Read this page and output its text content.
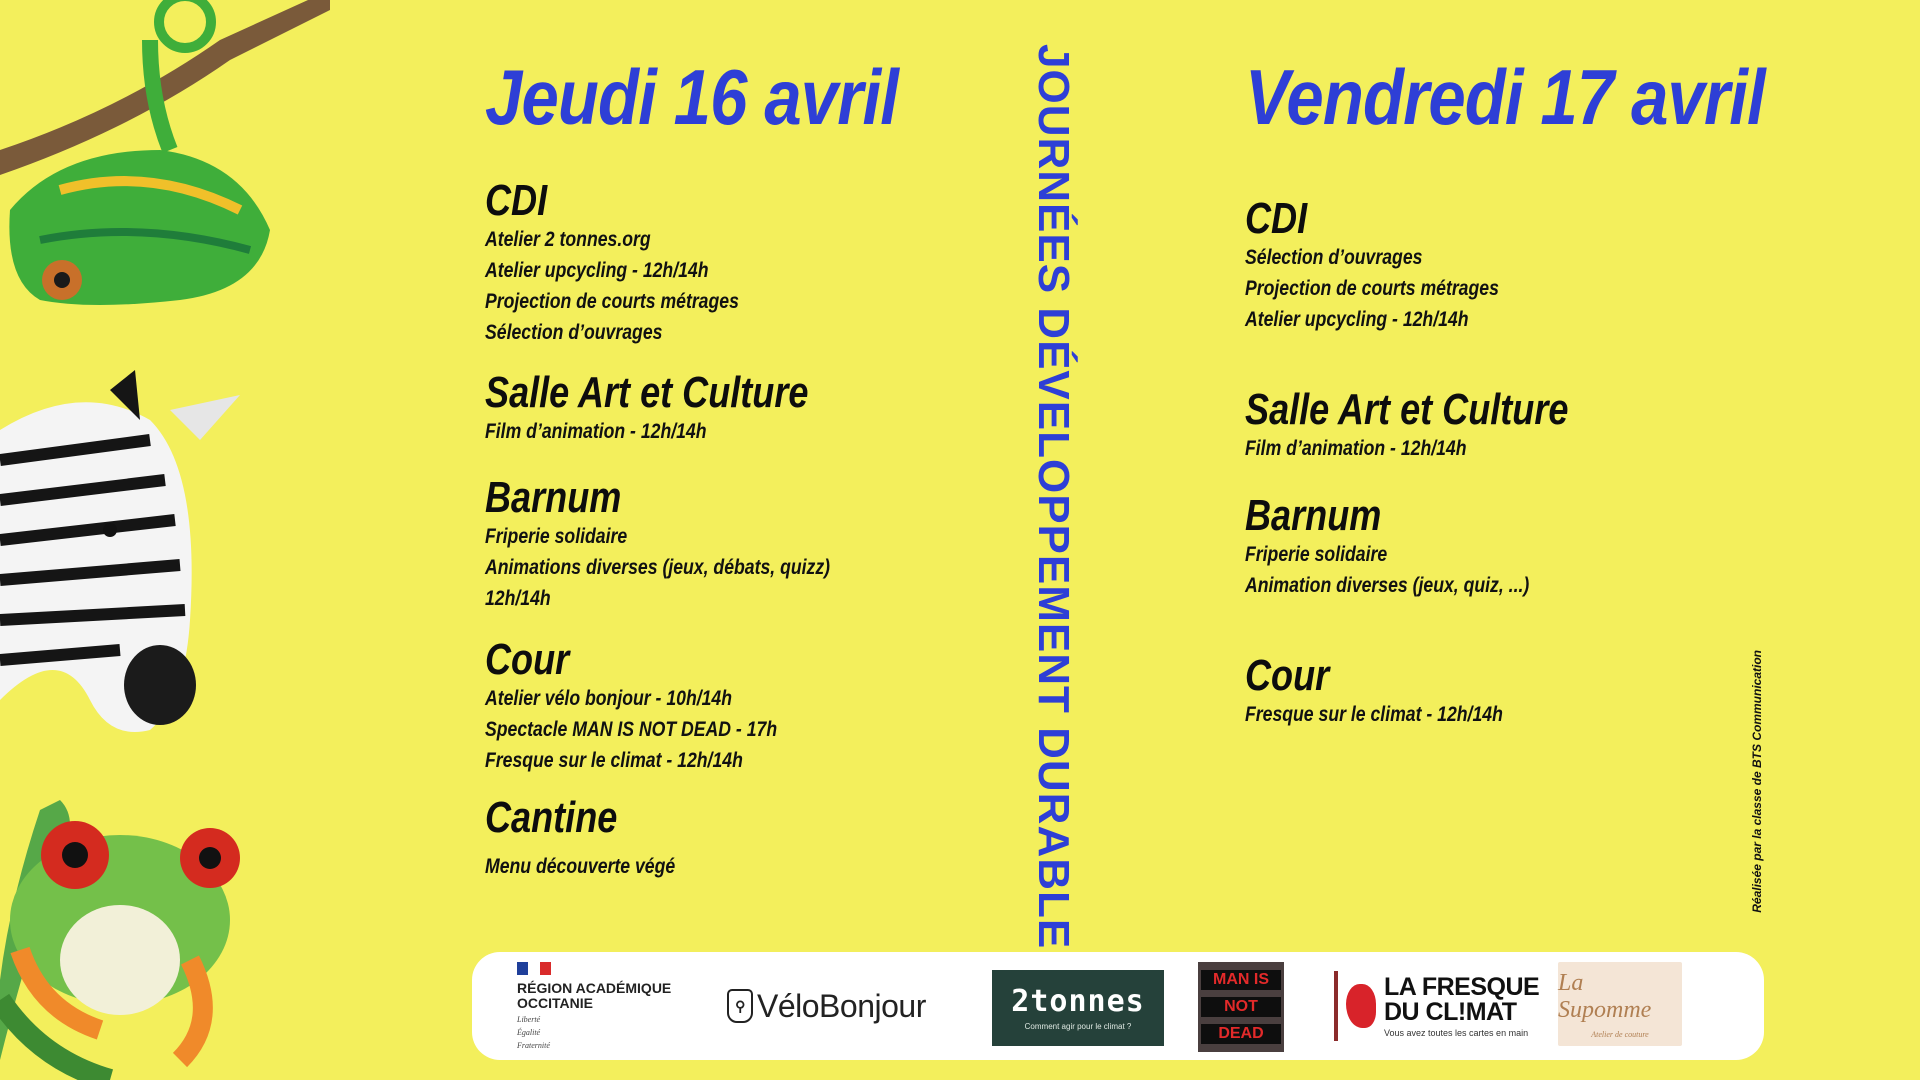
Jeudi 16 avril
CDI
Atelier 2 tonnes.org
Atelier upcycling - 12h/14h
Projection de courts métrages
Sélection d’ouvrages
Salle Art et Culture
Film d’animation - 12h/14h
Barnum
Friperie solidaire
Animations diverses (jeux, débats, quizz)
12h/14h
Cour
Atelier vélo bonjour - 10h/14h
Spectacle MAN IS NOT DEAD - 17h
Fresque sur le climat - 12h/14h
Cantine
Menu découverte végé	JOURNÉES DÉVELOPPEMENT DURABLE Vendredi 17 avril
CDI
Sélection d’ouvrages
Projection de courts métrages
Atelier upcycling - 12h/14h
Salle Art et Culture
Film d’animation - 12h/14h
Barnum
Friperie solidaire
Animation diverses (jeux, quiz, ...)
Cour
Fresque sur le climat - 12h/14h	Réalisée par la classe de BTS Communication
RÉGION ACADÉMIQUE
OCCITANIE
Liberté
Égalité
Fraternité
⚲ VéloBonjour	2tonnes
Comment agir pour le climat ?
MAN IS
NOT
DEAD
LA FRESQUE
DU CL!MAT
Vous avez toutes les cartes en main
La Supomme
Atelier de couture
